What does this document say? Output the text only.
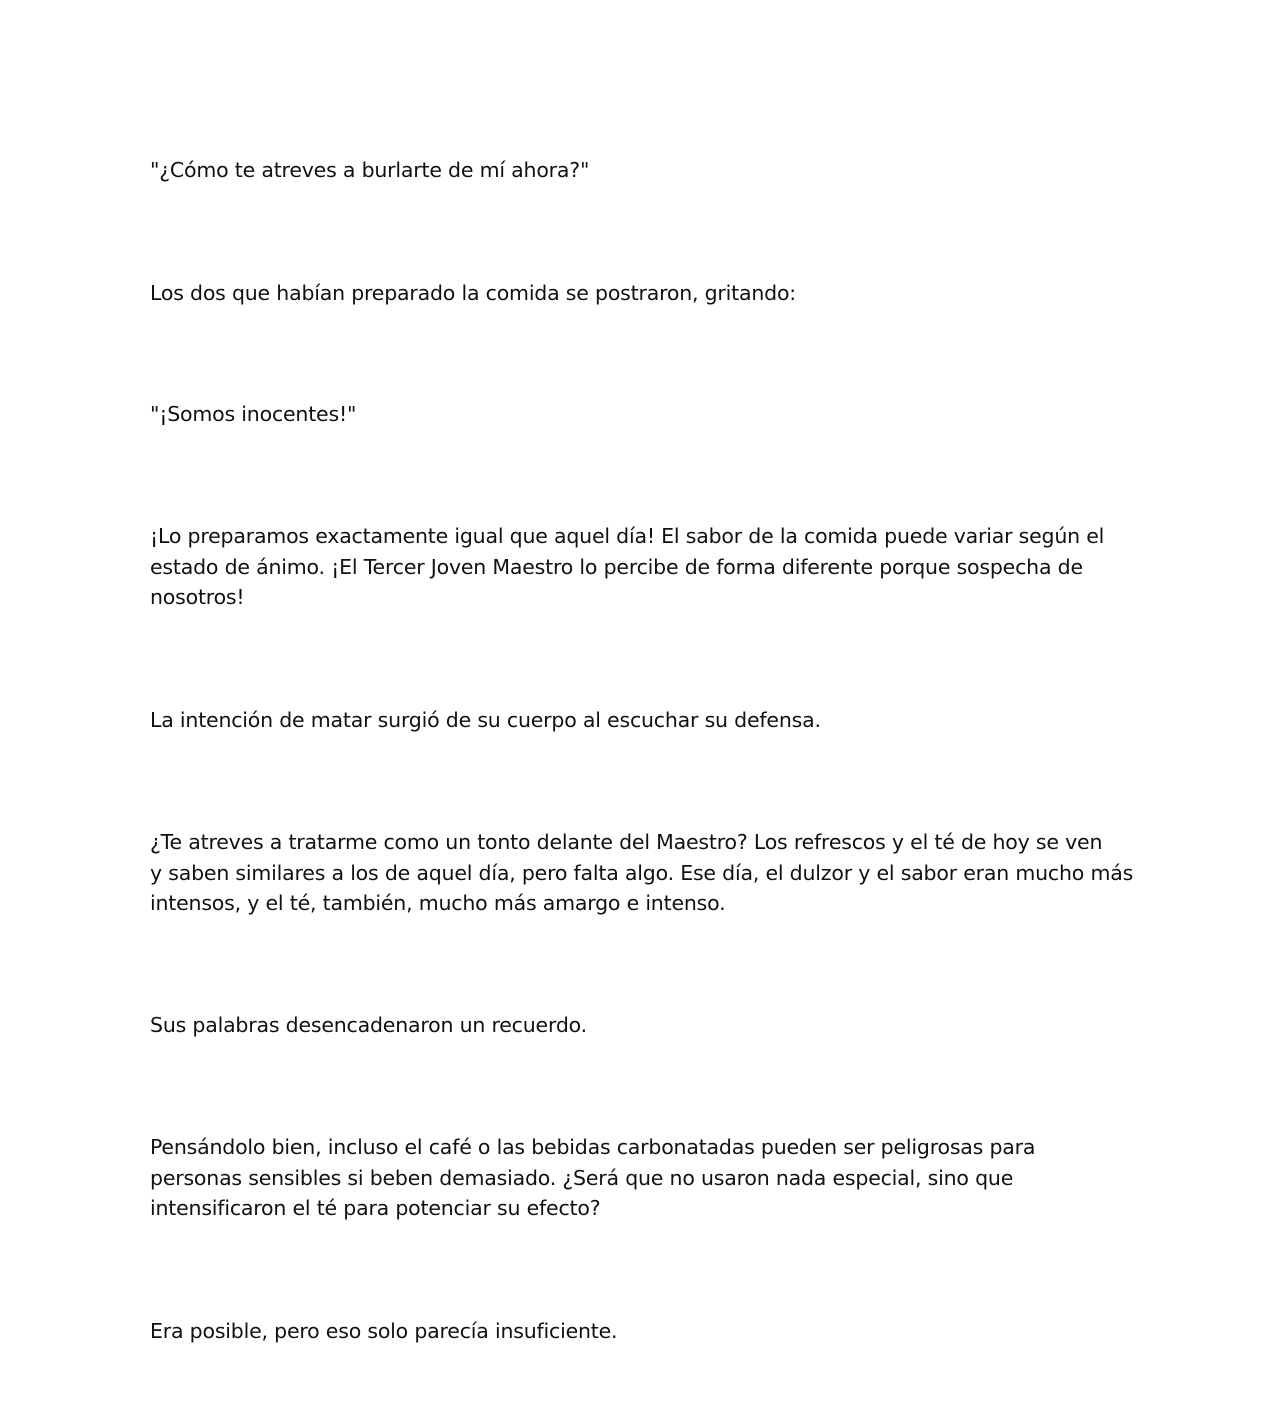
"¿Cómo te atreves a burlarte de mí ahora?"

Los dos que habían preparado la comida se postraron, gritando:

"¡Somos inocentes!"

¡Lo preparamos exactamente igual que aquel día! El sabor de la comida puede variar según el
estado de ánimo. ¡El Tercer Joven Maestro lo percibe de forma diferente porque sospecha de
nosotros!

La intención de matar surgió de su cuerpo al escuchar su defensa.

¿Te atreves a tratarme como un tonto delante del Maestro? Los refrescos y el té de hoy se ven
y saben similares a los de aquel día, pero falta algo. Ese día, el dulzor y el sabor eran mucho más
intensos, y el té, también, mucho más amargo e intenso.

Sus palabras desencadenaron un recuerdo.

Pensándolo bien, incluso el café o las bebidas carbonatadas pueden ser peligrosas para
personas sensibles si beben demasiado. ¿Será que no usaron nada especial, sino que
intensificaron el té para potenciar su efecto?

Era posible, pero eso solo parecía insuficiente.
